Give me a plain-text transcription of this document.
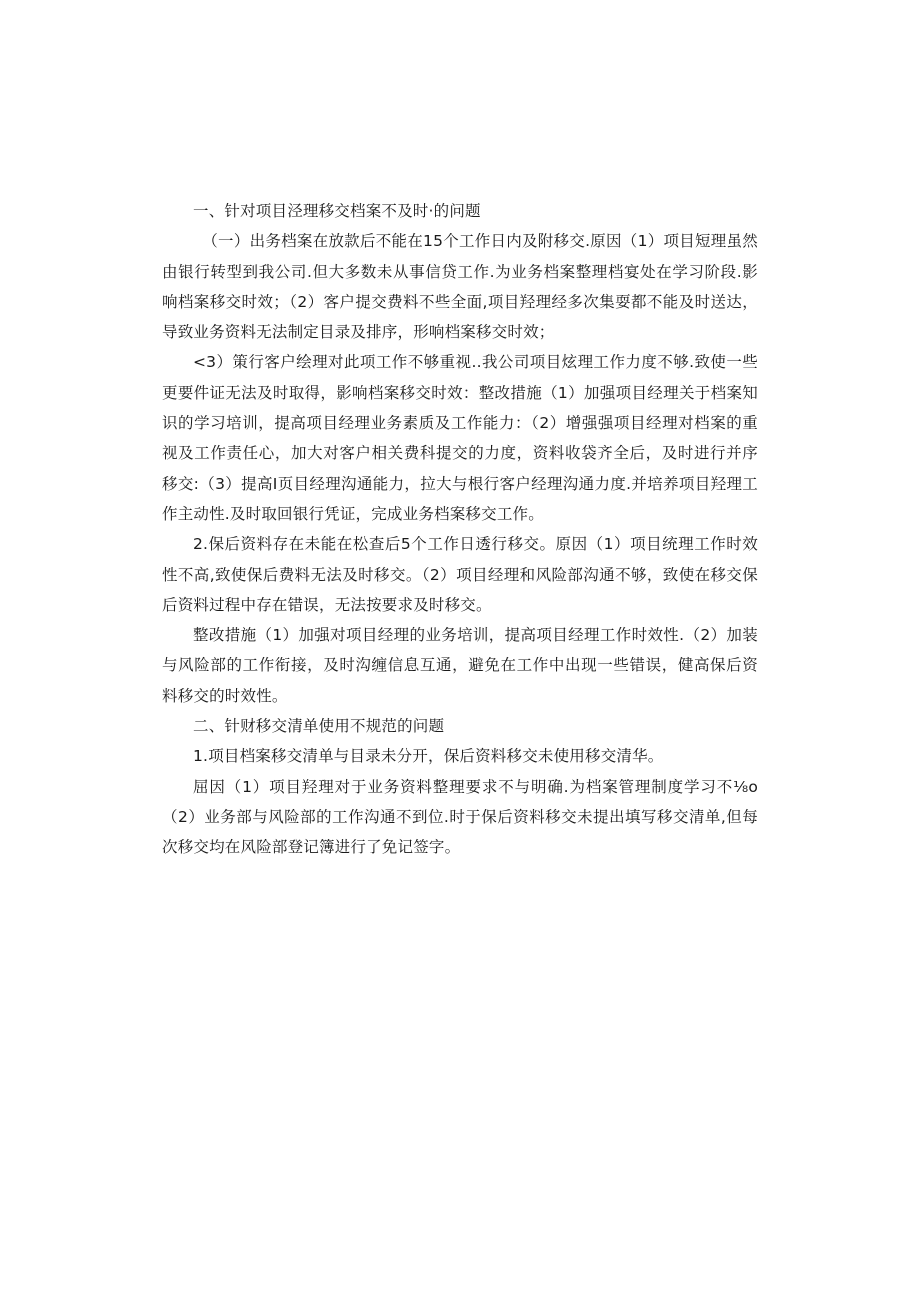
一、针对项目泾理移交档案不及时·的问题

（一）出务档案在放款后不能在15个工作日内及附移交.原因（1）项目短理虽然由银行转型到我公司.但大多数未从事信贷工作.为业务档案整理档宴处在学习阶段.影响档案移交时效；（2）客户提交费料不些全面,项目羟理经多次集耍都不能及时送达，导致业务资料无法制定目录及排序，形响档案移交时效；

<3）策行客户绘理对此项工作不够重视..我公司项目炫理工作力度不够.致使一些更要件证无法及时取得，影响档案移交时效：整改措施（1）加强项目经理关于档案知识的学习培训，提高项目经理业务素质及工作能力：（2）增强强项目经理对档案的重视及工作责任心，加大对客户相关费科提交的力度，资料收袋齐全后，及时进行并序移交:（3）提高I页目经理沟通能力，拉大与根行客户经理沟通力度.并培养项目羟理工作主动性.及时取回银行凭证，完成业务档案移交工作。

2.保后资料存在未能在松查后5个工作日透行移交。原因（1）项目统理工作时效性不高,致使保后费料无法及时移交。（2）项目经理和风险部沟通不够，致使在移交保后资料过程中存在错误，无法按要求及时移交。

整改措施（1）加强对项目经理的业务培训，提高项目经理工作时效性.（2）加装与风险部的工作衔接，及时沟缠信息互通，避免在工作中出现一些错误，健高保后资料移交的时效性。

二、针财移交清单使用不规范的问题

1.项目档案移交清单与目录未分开，保后资料移交未使用移交清华。

屈因（1）项目羟理对于业务资料整理要求不与明确.为档案管理制度学习不⅛o（2）业务部与风险部的工作沟通不到位.时于保后资料移交未提出填写移交清单,但每次移交均在风险部登记簿进行了免记签字。
